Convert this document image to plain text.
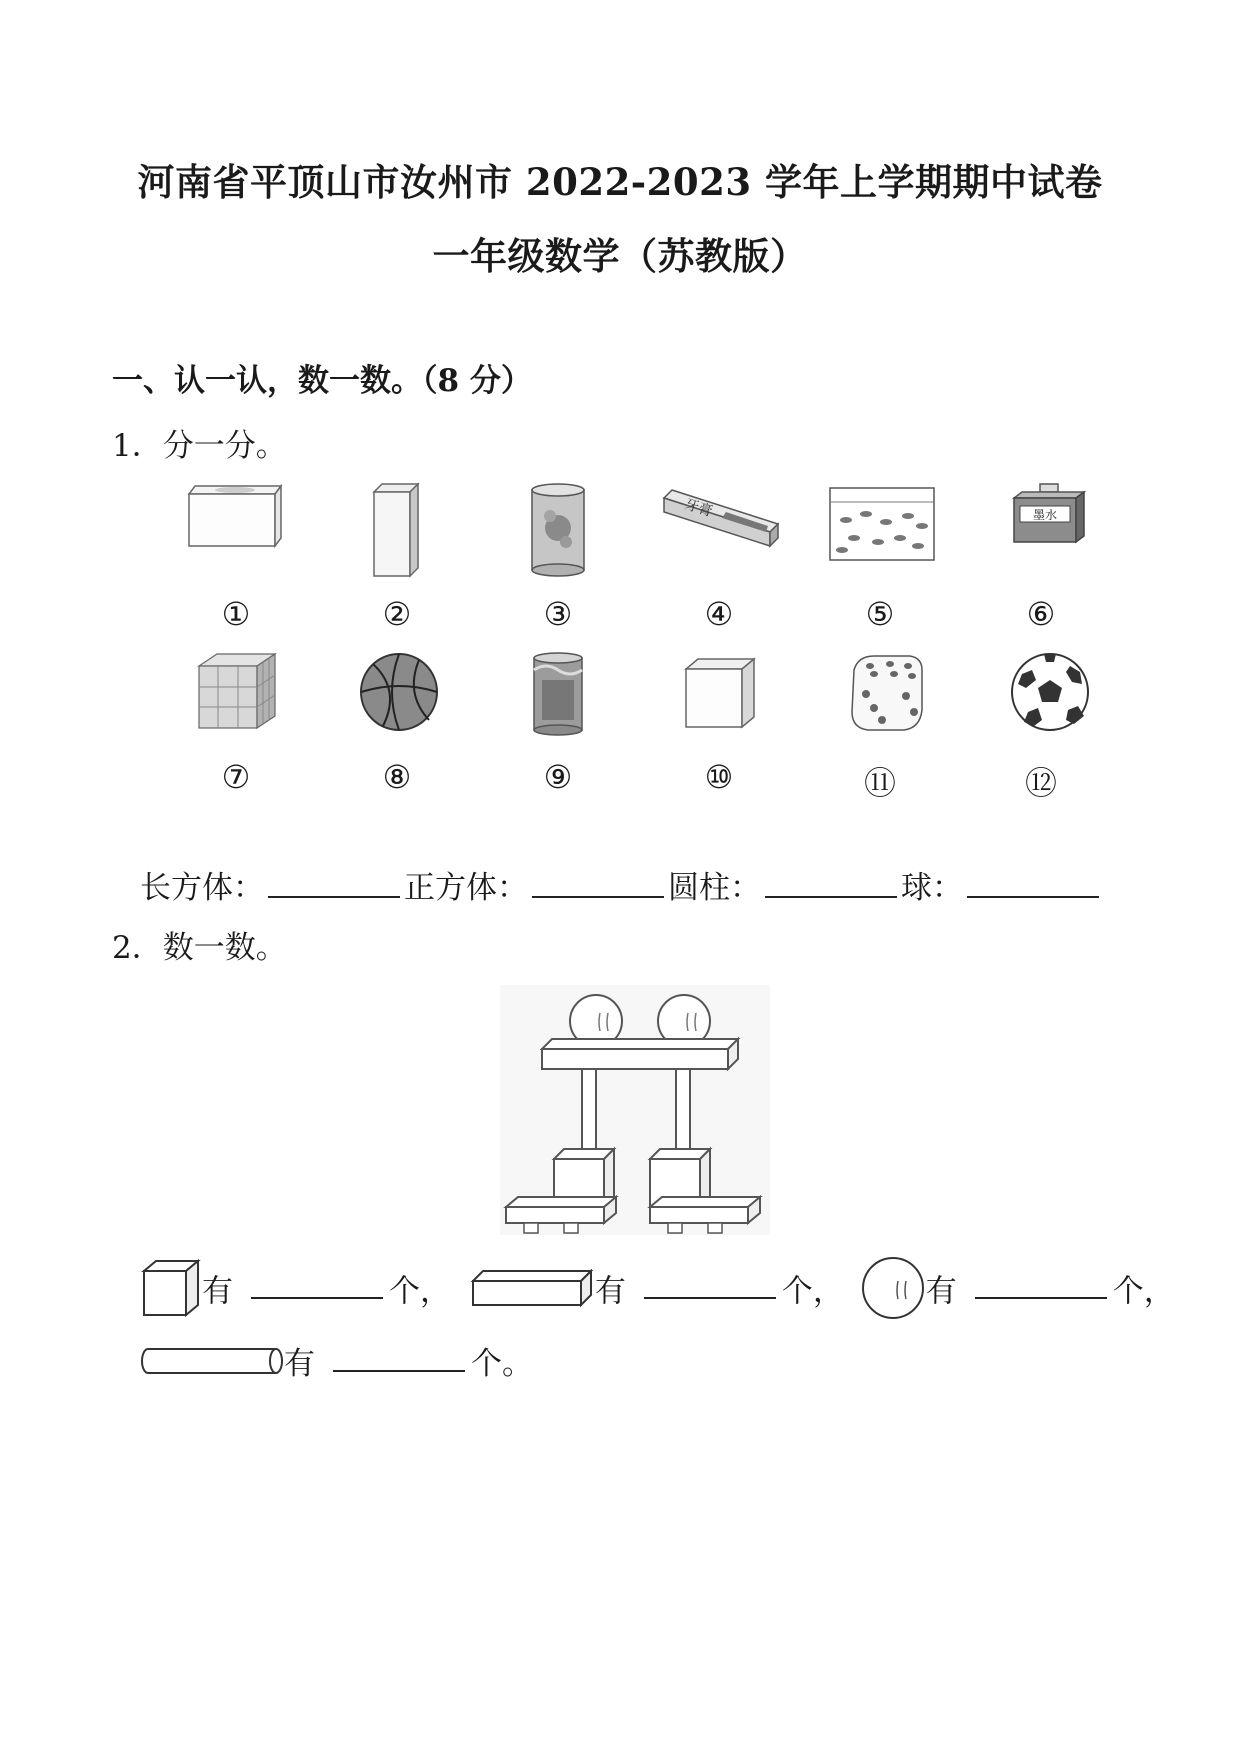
河南省平顶山市汝州市 2022-2023 学年上学期期中试卷
一年级数学（苏教版）
一、认一认，数一数。（8 分）
1．分一分。
牙膏	墨水
①	②	③	④	⑤	⑥
⑦	⑧	⑨	⑩	⑪	⑫
长方体：	正方体：	圆柱：	球：
2．数一数。
有	个，	有	个，	有	个，
有	个。
